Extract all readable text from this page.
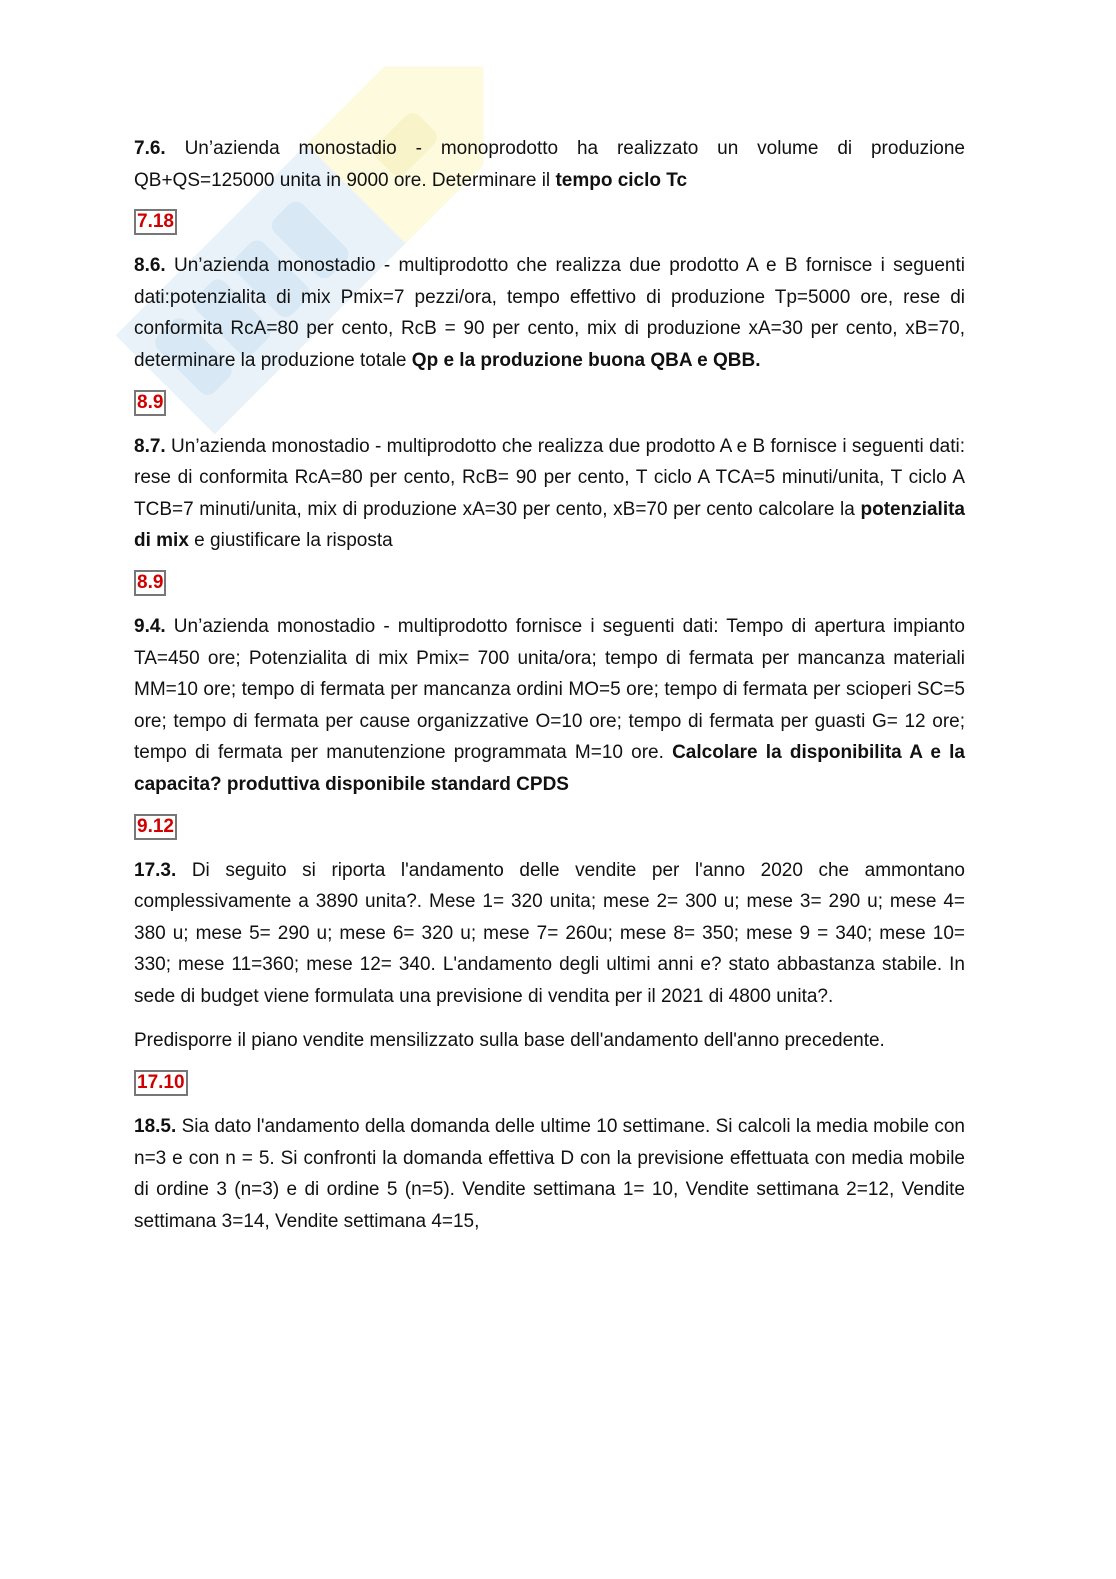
7.6. Un’azienda monostadio - monoprodotto ha realizzato un volume di produzione QB+QS=125000 unita in 9000 ore. Determinare il tempo ciclo Tc
7.18
8.6. Un’azienda monostadio - multiprodotto che realizza due prodotto A e B fornisce i seguenti dati:potenzialita di mix Pmix=7 pezzi/ora, tempo effettivo di produzione Tp=5000 ore, rese di conformita RcA=80 per cento, RcB = 90 per cento, mix di produzione xA=30 per cento, xB=70, determinare la produzione totale Qp e la produzione buona QBA e QBB.
8.9
8.7. Un’azienda monostadio - multiprodotto che realizza due prodotto A e B fornisce i seguenti dati: rese di conformita RcA=80 per cento, RcB= 90 per cento, T ciclo A TCA=5 minuti/unita, T ciclo A TCB=7 minuti/unita, mix di produzione xA=30 per cento, xB=70 per cento calcolare la potenzialita di mix e giustificare la risposta
8.9
9.4. Un’azienda monostadio - multiprodotto fornisce i seguenti dati: Tempo di apertura impianto TA=450 ore; Potenzialita di mix Pmix= 700 unita/ora; tempo di fermata per mancanza materiali MM=10 ore; tempo di fermata per mancanza ordini MO=5 ore; tempo di fermata per scioperi SC=5 ore; tempo di fermata per cause organizzative O=10 ore; tempo di fermata per guasti G= 12 ore; tempo di fermata per manutenzione programmata M=10 ore. Calcolare la disponibilita A e la capacita? produttiva disponibile standard CPDS
9.12
17.3. Di seguito si riporta l'andamento delle vendite per l'anno 2020 che ammontano complessivamente a 3890 unita?. Mese 1= 320 unita; mese 2= 300 u; mese 3= 290 u; mese 4= 380 u; mese 5= 290 u; mese 6= 320 u; mese 7= 260u; mese 8= 350; mese 9 = 340; mese 10= 330; mese 11=360; mese 12= 340. L'andamento degli ultimi anni e? stato abbastanza stabile. In sede di budget viene formulata una previsione di vendita per il 2021 di 4800 unita?.
Predisporre il piano vendite mensilizzato sulla base dell'andamento dell'anno precedente.
17.10
18.5. Sia dato l'andamento della domanda delle ultime 10 settimane. Si calcoli la media mobile con n=3 e con n = 5. Si confronti la domanda effettiva D con la previsione effettuata con media mobile di ordine 3 (n=3) e di ordine 5 (n=5). Vendite settimana 1= 10, Vendite settimana 2=12, Vendite settimana 3=14, Vendite settimana 4=15,
